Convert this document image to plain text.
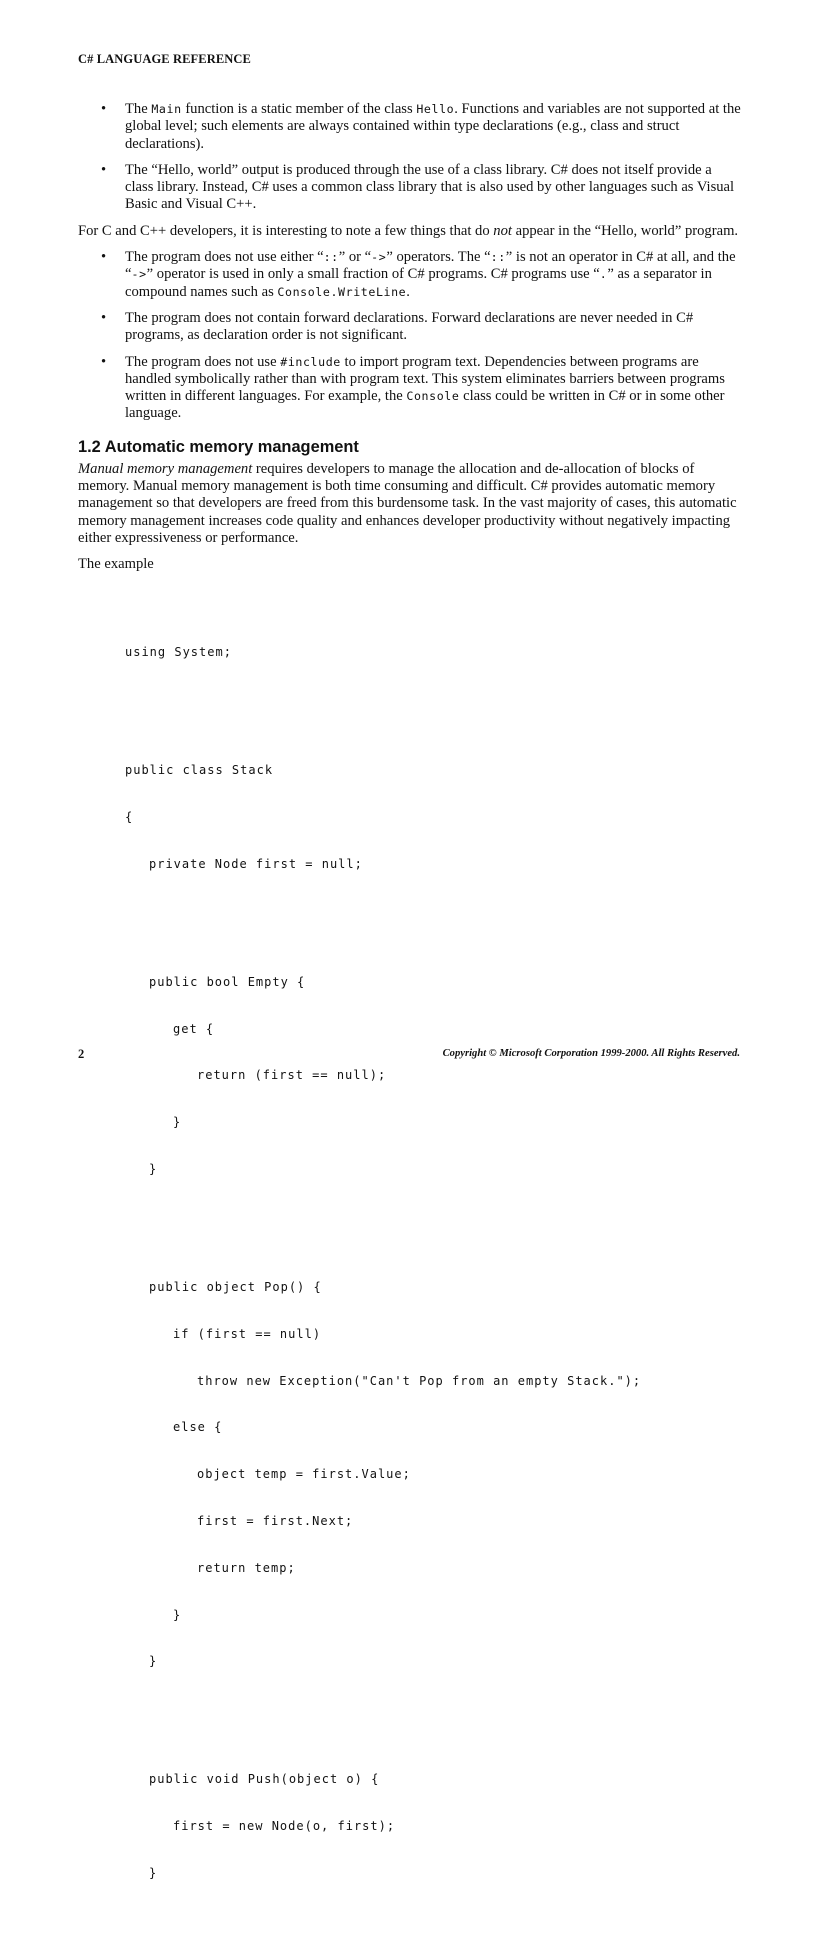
C# LANGUAGE REFERENCE
• The Main function is a static member of the class Hello. Functions and variables are not supported at the global level; such elements are always contained within type declarations (e.g., class and struct declarations).
• The “Hello, world” output is produced through the use of a class library. C# does not itself provide a class library. Instead, C# uses a common class library that is also used by other languages such as Visual Basic and Visual C++.

For C and C++ developers, it is interesting to note a few things that do not appear in the “Hello, world” program.

• The program does not use either “::” or “->” operators. The “::” is not an operator in C# at all, and the “->” operator is used in only a small fraction of C# programs. C# programs use “.” as a separator in compound names such as Console.WriteLine.
• The program does not contain forward declarations. Forward declarations are never needed in C# programs, as declaration order is not significant.
• The program does not use #include to import program text. Dependencies between programs are handled symbolically rather than with program text. This system eliminates barriers between programs written in different languages. For example, the Console class could be written in C# or in some other language.
1.2 Automatic memory management

Manual memory management requires developers to manage the allocation and de-allocation of blocks of memory. Manual memory management is both time consuming and difficult. C# provides automatic memory management so that developers are freed from this burdensome task. In the vast majority of cases, this automatic memory management increases code quality and enhances developer productivity without negatively impacting either expressiveness or performance.

The example

using System;

public class Stack

{

private Node first = null;

public bool Empty {

get {

return (first == null);

}

}

public object Pop() {

if (first == null)

throw new Exception("Can't Pop from an empty Stack.");

else {

object temp = first.Value;

first = first.Next;

return temp;

}

}

public void Push(object o) {

first = new Node(o, first);

}

2	Copyright © Microsoft Corporation 1999-2000. All Rights Reserved.
